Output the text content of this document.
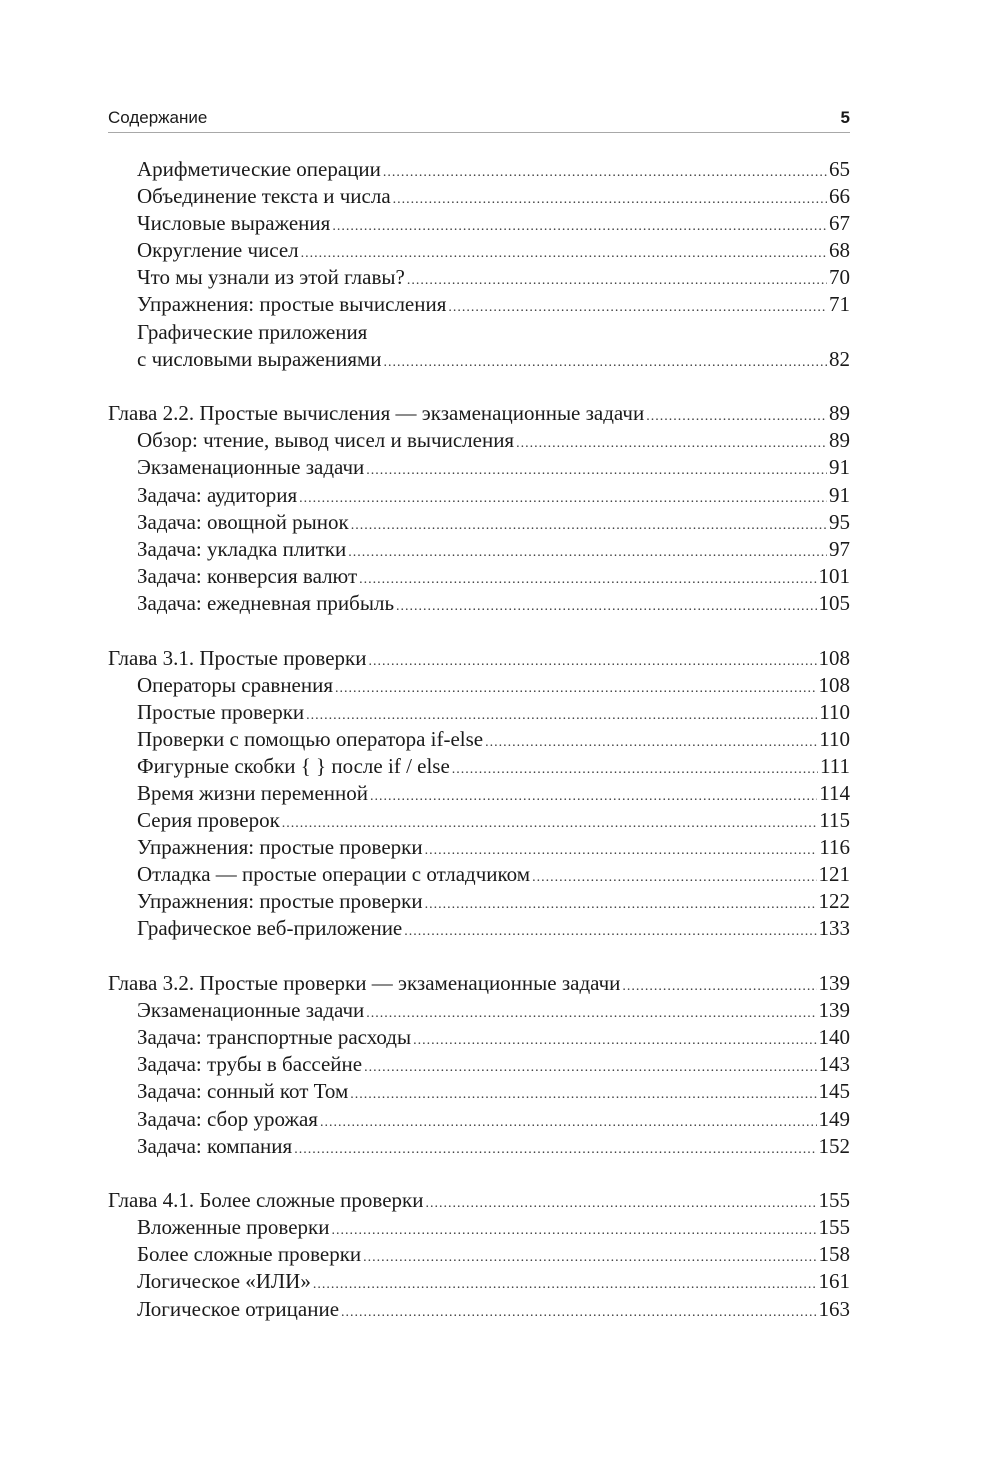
Содержание	5
Арифметические операции .....	65
Объединение текста и числа .....	66
Числовые выражения .....	67
Округление чисел .....	68
Что мы узнали из этой главы? .....	70
Упражнения: простые вычисления .....	71
Графические приложения
с числовыми выражениями .....	82
Глава 2.2. Простые вычисления — экзаменационные задачи .....	89
Обзор: чтение, вывод чисел и вычисления .....	89
Экзаменационные задачи .....	91
Задача: аудитория .....	91
Задача: овощной рынок .....	95
Задача: укладка плитки .....	97
Задача: конверсия валют .....	101
Задача: ежедневная прибыль .....	105
Глава 3.1. Простые проверки .....	108
Операторы сравнения .....	108
Простые проверки .....	110
Проверки с помощью оператора if-else .....	110
Фигурные скобки { } после if / else .....	111
Время жизни переменной .....	114
Серия проверок .....	115
Упражнения: простые проверки .....	116
Отладка — простые операции с отладчиком .....	121
Упражнения: простые проверки .....	122
Графическое веб-приложение .....	133
Глава 3.2. Простые проверки — экзаменационные задачи .....	139
Экзаменационные задачи .....	139
Задача: транспортные расходы .....	140
Задача: трубы в бассейне .....	143
Задача: сонный кот Том .....	145
Задача: сбор урожая .....	149
Задача: компания .....	152
Глава 4.1. Более сложные проверки .....	155
Вложенные проверки .....	155
Более сложные проверки .....	158
Логическое «ИЛИ» .....	161
Логическое отрицание .....	163
